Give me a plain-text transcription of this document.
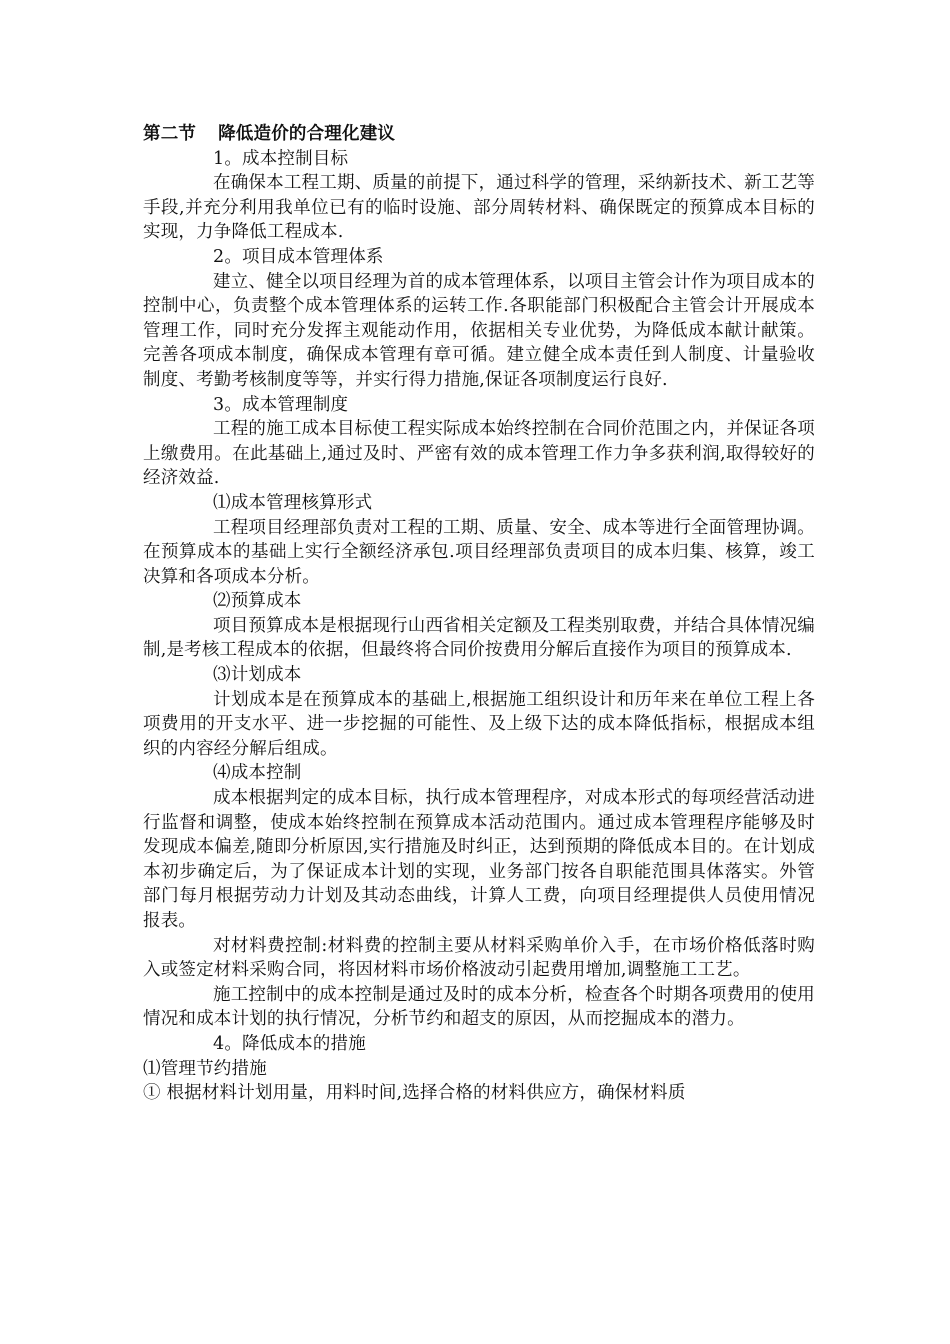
第二节 降低造价的合理化建议

1。成本控制目标

在确保本工程工期、质量的前提下，通过科学的管理，采纳新技术、新工艺等手段,并充分利用我单位已有的临时设施、部分周转材料、确保既定的预算成本目标的实现，力争降低工程成本.

2。项目成本管理体系

建立、健全以项目经理为首的成本管理体系，以项目主管会计作为项目成本的控制中心，负责整个成本管理体系的运转工作.各职能部门积极配合主管会计开展成本管理工作，同时充分发挥主观能动作用，依据相关专业优势，为降低成本献计献策。完善各项成本制度，确保成本管理有章可循。建立健全成本责任到人制度、计量验收制度、考勤考核制度等等，并实行得力措施,保证各项制度运行良好.

3。成本管理制度

工程的施工成本目标使工程实际成本始终控制在合同价范围之内，并保证各项上缴费用。在此基础上,通过及时、严密有效的成本管理工作力争多获利润,取得较好的经济效益.

⑴成本管理核算形式

工程项目经理部负责对工程的工期、质量、安全、成本等进行全面管理协调。在预算成本的基础上实行全额经济承包.项目经理部负责项目的成本归集、核算，竣工决算和各项成本分析。

⑵预算成本

项目预算成本是根据现行山西省相关定额及工程类别取费，并结合具体情况编制,是考核工程成本的依据，但最终将合同价按费用分解后直接作为项目的预算成本.

⑶计划成本

计划成本是在预算成本的基础上,根据施工组织设计和历年来在单位工程上各项费用的开支水平、进一步挖掘的可能性、及上级下达的成本降低指标，根据成本组织的内容经分解后组成。

⑷成本控制

成本根据判定的成本目标，执行成本管理程序，对成本形式的每项经营活动进行监督和调整，使成本始终控制在预算成本活动范围内。通过成本管理程序能够及时发现成本偏差,随即分析原因,实行措施及时纠正，达到预期的降低成本目的。在计划成本初步确定后，为了保证成本计划的实现，业务部门按各自职能范围具体落实。外管部门每月根据劳动力计划及其动态曲线，计算人工费，向项目经理提供人员使用情况报表。

对材料费控制:材料费的控制主要从材料采购单价入手，在市场价格低落时购入或签定材料采购合同，将因材料市场价格波动引起费用增加,调整施工工艺。

施工控制中的成本控制是通过及时的成本分析，检查各个时期各项费用的使用情况和成本计划的执行情况，分析节约和超支的原因，从而挖掘成本的潜力。

4。降低成本的措施

⑴管理节约措施

① 根据材料计划用量，用料时间,选择合格的材料供应方，确保材料质
